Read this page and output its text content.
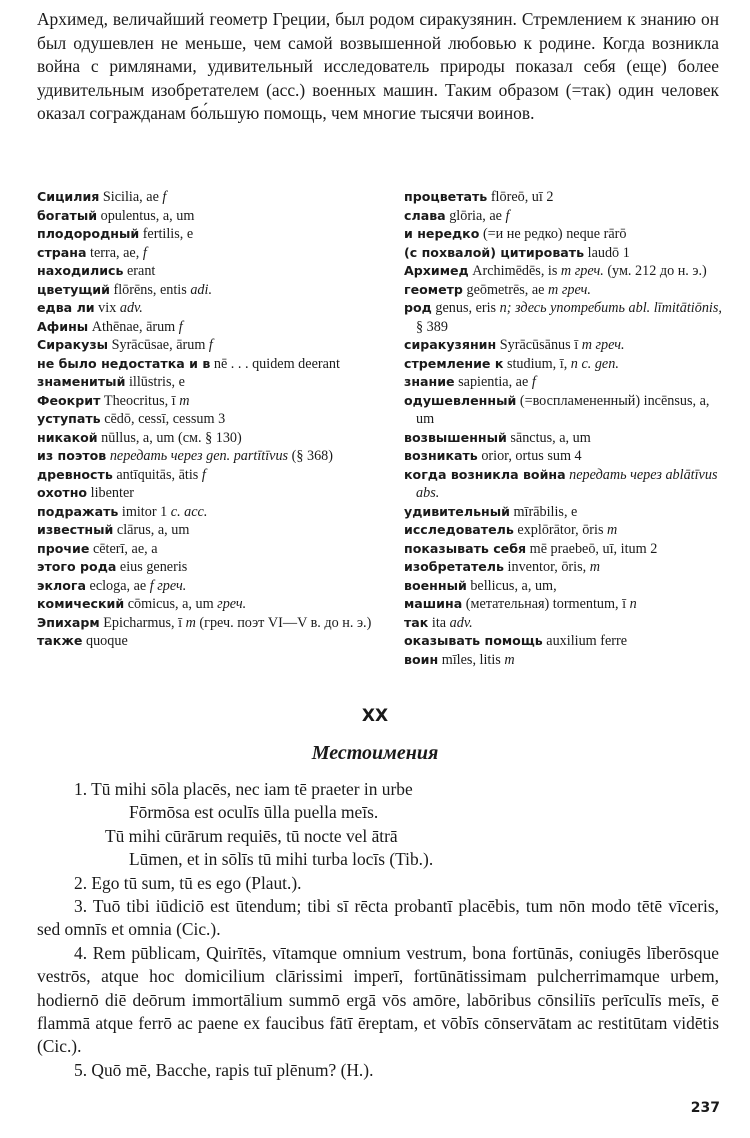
Архимед, величайший геометр Греции, был родом сиракузянин. Стремлением к знанию он был одушевлен не меньше, чем самой возвышенной любовью к родине. Когда возникла война с римлянами, удивительный исследователь природы показал себя (еще) более удивительным изобретателем (acc.) военных машин. Таким образом (=так) один человек оказал согражданам бо́льшую помощь, чем многие тысячи воинов.

Сицилия Sicilia, ae f
богатый opulentus, a, um
плодородный fertilis, e
страна terra, ae, f
находились erant
цветущий flōrēns, entis adi.
едва ли vix adv.
Афины Athēnae, ārum f
Сиракузы Syrācūsae, ārum f
не было недостатка и в nē . . . quidem deerant
знаменитый illūstris, e
Феокрит Theocritus, ī m
уступать cēdō, cessī, cessum 3
никакой nūllus, a, um (см. § 130)
из поэтов передать через gen. partītīvus (§ 368)
древность antīquitās, ātis f
охотно libenter
подражать imitor 1 c. acc.
известный clārus, a, um
прочие cēterī, ae, a
этого рода eius generis
эклога ecloga, ae f греч.
комический cōmicus, a, um греч.
Эпихарм Epicharmus, ī m (греч. поэт VI—V в. до н. э.)
также quoque
процветать flōreō, uī 2
слава glōria, ae f
и нередко (=и не редко) neque rārō
(с похвалой) цитировать laudō 1
Архимед Archimēdēs, is m греч. (ум. 212 до н. э.)
геометр geōmetrēs, ae m греч.
род genus, eris n; здесь употребить abl. līmitātiōnis, § 389
сиракузянин Syrācūsānus ī m греч.
стремление к studium, ī, n c. gen.
знание sapientia, ae f
одушевленный (=воспламененный) incēnsus, a, um
возвышенный sānctus, a, um
возникать orior, ortus sum 4
когда возникла война передать через ablātīvus abs.
удивительный mīrābilis, e
исследователь explōrātor, ōris m
показывать себя mē praebeō, uī, itum 2
изобретатель inventor, ōris, m
военный bellicus, a, um,
машина (метательная) tormentum, ī n
так ita adv.
оказывать помощь auxilium ferre
воин mīles, litis m
XX
Местоимения
1. Tū mihi sōla placēs, nec iam tē praeter in urbe
Fōrmōsa est oculīs ūlla puella meīs.
Tū mihi cūrārum requiēs, tū nocte vel ātrā
Lūmen, et in sōlīs tū mihi turba locīs (Tib.).
2. Ego tū sum, tū es ego (Plaut.).
3. Tuō tibi iūdiciō est ūtendum; tibi sī rēcta probantī placēbis, tum nōn modo tētē vīceris, sed omnīs et omnia (Cic.).
4. Rem pūblicam, Quirītēs, vītamque omnium vestrum, bona fortūnās, coniugēs līberōsque vestrōs, atque hoc domicilium clārissimi imperī, fortūnātissimam pulcherrimamque urbem, hodiernō diē deōrum immortālium summō ergā vōs amōre, labōribus cōnsiliīs perīculīs meīs, ē flammā atque ferrō ac paene ex faucibus fātī ēreptam, et vōbīs cōnservātam ac restitūtam vidētis (Cic.).
5. Quō mē, Bacche, rapis tuī plēnum? (H.).
237
